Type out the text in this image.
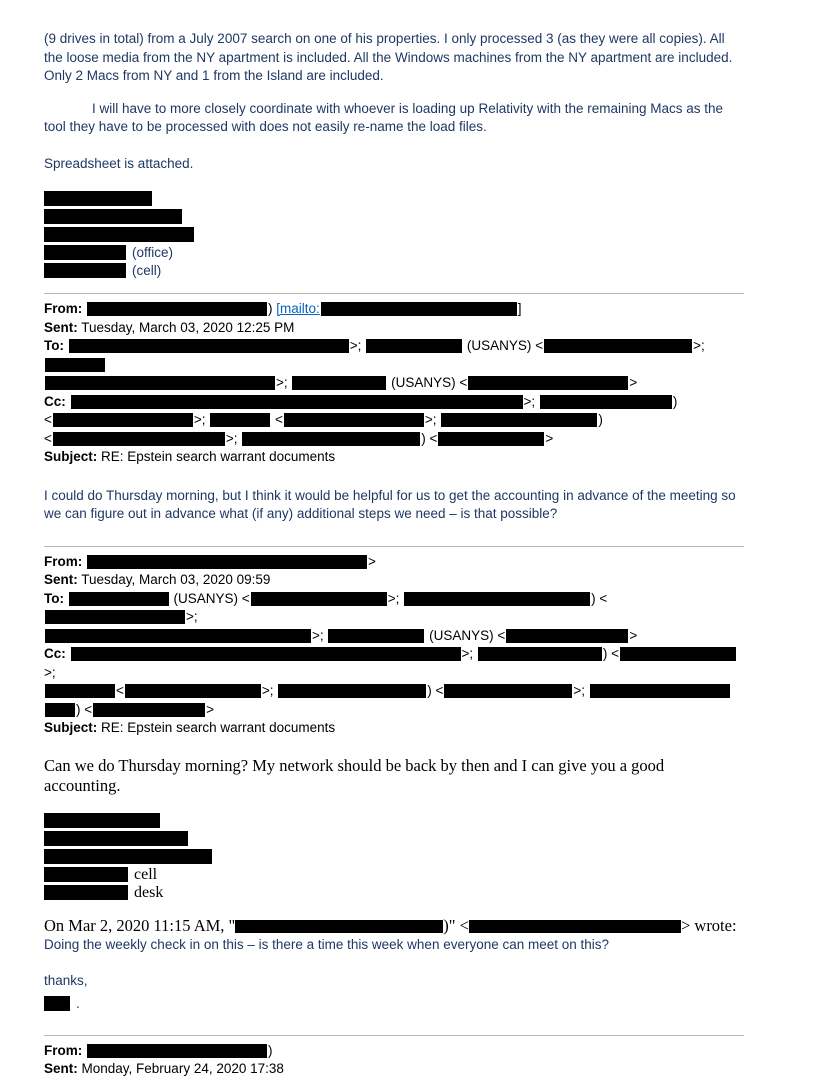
(9 drives in total) from a July 2007 search on one of his properties. I only processed 3 (as they were all copies). All the loose media from the NY apartment is included. All the Windows machines from the NY apartment are included. Only 2 Macs from NY and 1 from the Island are included.

I will have to more closely coordinate with whoever is loading up Relativity with the remaining Macs as the tool they have to be processed with does not easily re-name the load files.

Spreadsheet is attached.

(office)
(cell)
From:	) [mailto:	]
Sent: Tuesday, March 03, 2020 12:25 PM
To:	>;	(USANYS) <	>;
>;	(USANYS) <	>
Cc:	>;	)
<	>;	<	>;	)
<	>;	) <	>
Subject: RE: Epstein search warrant documents

I could do Thursday morning, but I think it would be helpful for us to get the accounting in advance of the meeting so we can figure out in advance what (if any) additional steps we need – is that possible?

From:	>
Sent: Tuesday, March 03, 2020 09:59
To:	(USANYS) <	>;	) <>;
>;	(USANYS) <	>
Cc:	>;	) <>;
<	>;	) <	>;
) <	>
Subject: RE: Epstein search warrant documents

Can we do Thursday morning? My network should be back by then and I can give you a good accounting.

cell
desk

On Mar 2, 2020 11:15 AM, "	)" <	> wrote:

Doing the weekly check in on this – is there a time this week when everyone can meet on this?

thanks,

.
From:	)
Sent: Monday, February 24, 2020 17:38
